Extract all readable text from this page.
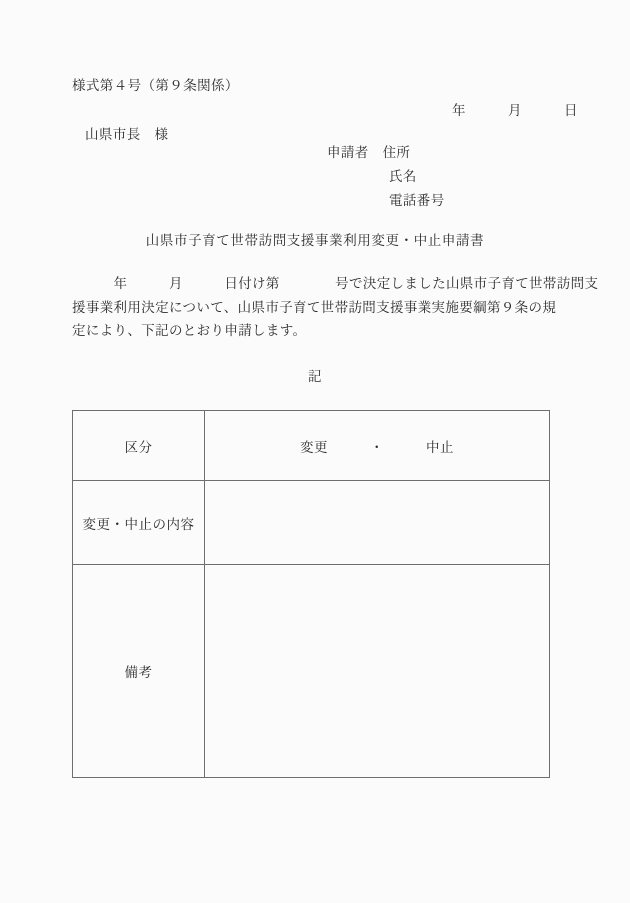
様式第４号（第９条関係）
年　　　月　　　日
山県市長　様
申請者　 住所
氏名
電話番号
山県市子育て世帯訪問支援事業利用変更・中止申請書
　　　年　　　月　　　日付け第　　　　号で決定しました山県市子育て世帯訪問支
援事業利用決定について、山県市子育て世帯訪問支援事業実施要綱第９条の規
定により、下記のとおり申請します。
記
区分	変更　　　・　　　中止
変更・中止の内容	
備考	
